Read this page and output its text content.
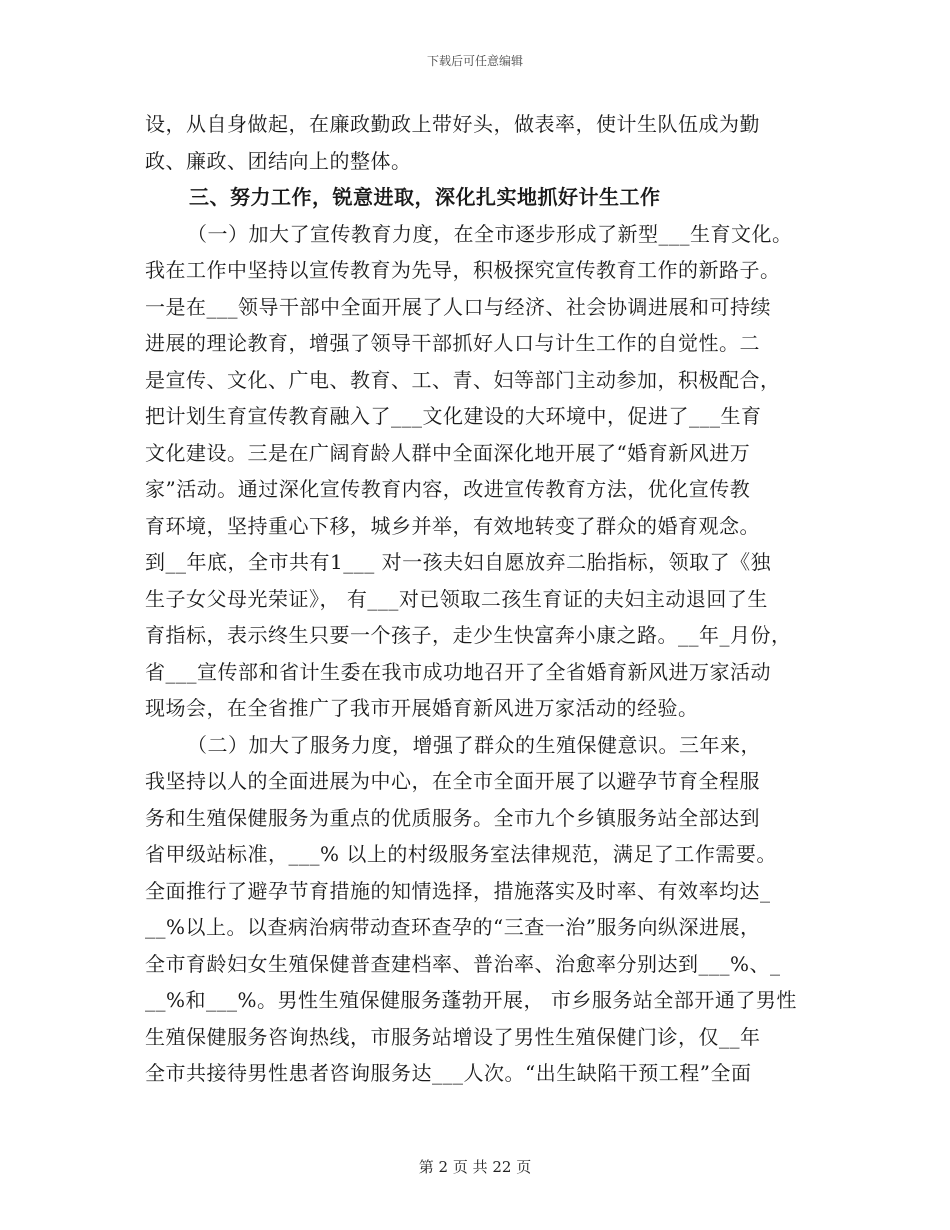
下载后可任意编辑
设，从自身做起，在廉政勤政上带好头，做表率，使计生队伍成为勤
政、廉政、团结向上的整体。
三、努力工作，锐意进取，深化扎实地抓好计生工作
（一）加大了宣传教育力度，在全市逐步形成了新型___生育文化。
我在工作中坚持以宣传教育为先导，积极探究宣传教育工作的新路子。
一是在___领导干部中全面开展了人口与经济、社会协调进展和可持续
进展的理论教育，增强了领导干部抓好人口与计生工作的自觉性。二
是宣传、文化、广电、教育、工、青、妇等部门主动参加，积极配合，
把计划生育宣传教育融入了___文化建设的大环境中，促进了___生育
文化建设。三是在广阔育龄人群中全面深化地开展了“婚育新风进万
家”活动。通过深化宣传教育内容，改进宣传教育方法，优化宣传教
育环境，坚持重心下移，城乡并举，有效地转变了群众的婚育观念。
到__年底，全市共有1___ 对一孩夫妇自愿放弃二胎指标，领取了《独
生子女父母光荣证》， 有___对已领取二孩生育证的夫妇主动退回了生
育指标，表示终生只要一个孩子，走少生快富奔小康之路。__年_月份，
省___宣传部和省计生委在我市成功地召开了全省婚育新风进万家活动
现场会，在全省推广了我市开展婚育新风进万家活动的经验。
（二）加大了服务力度，增强了群众的生殖保健意识。三年来，
我坚持以人的全面进展为中心，在全市全面开展了以避孕节育全程服
务和生殖保健服务为重点的优质服务。全市九个乡镇服务站全部达到
省甲级站标准，___% 以上的村级服务室法律规范，满足了工作需要。
全面推行了避孕节育措施的知情选择，措施落实及时率、有效率均达_
__%以上。以查病治病带动查环查孕的“三查一治”服务向纵深进展，
全市育龄妇女生殖保健普查建档率、普治率、治愈率分别达到___%、_
__%和___%。男性生殖保健服务蓬勃开展， 市乡服务站全部开通了男性
生殖保健服务咨询热线，市服务站增设了男性生殖保健门诊，仅__年
全市共接待男性患者咨询服务达___人次。“出生缺陷干预工程”全面
第 2 页 共 22 页
